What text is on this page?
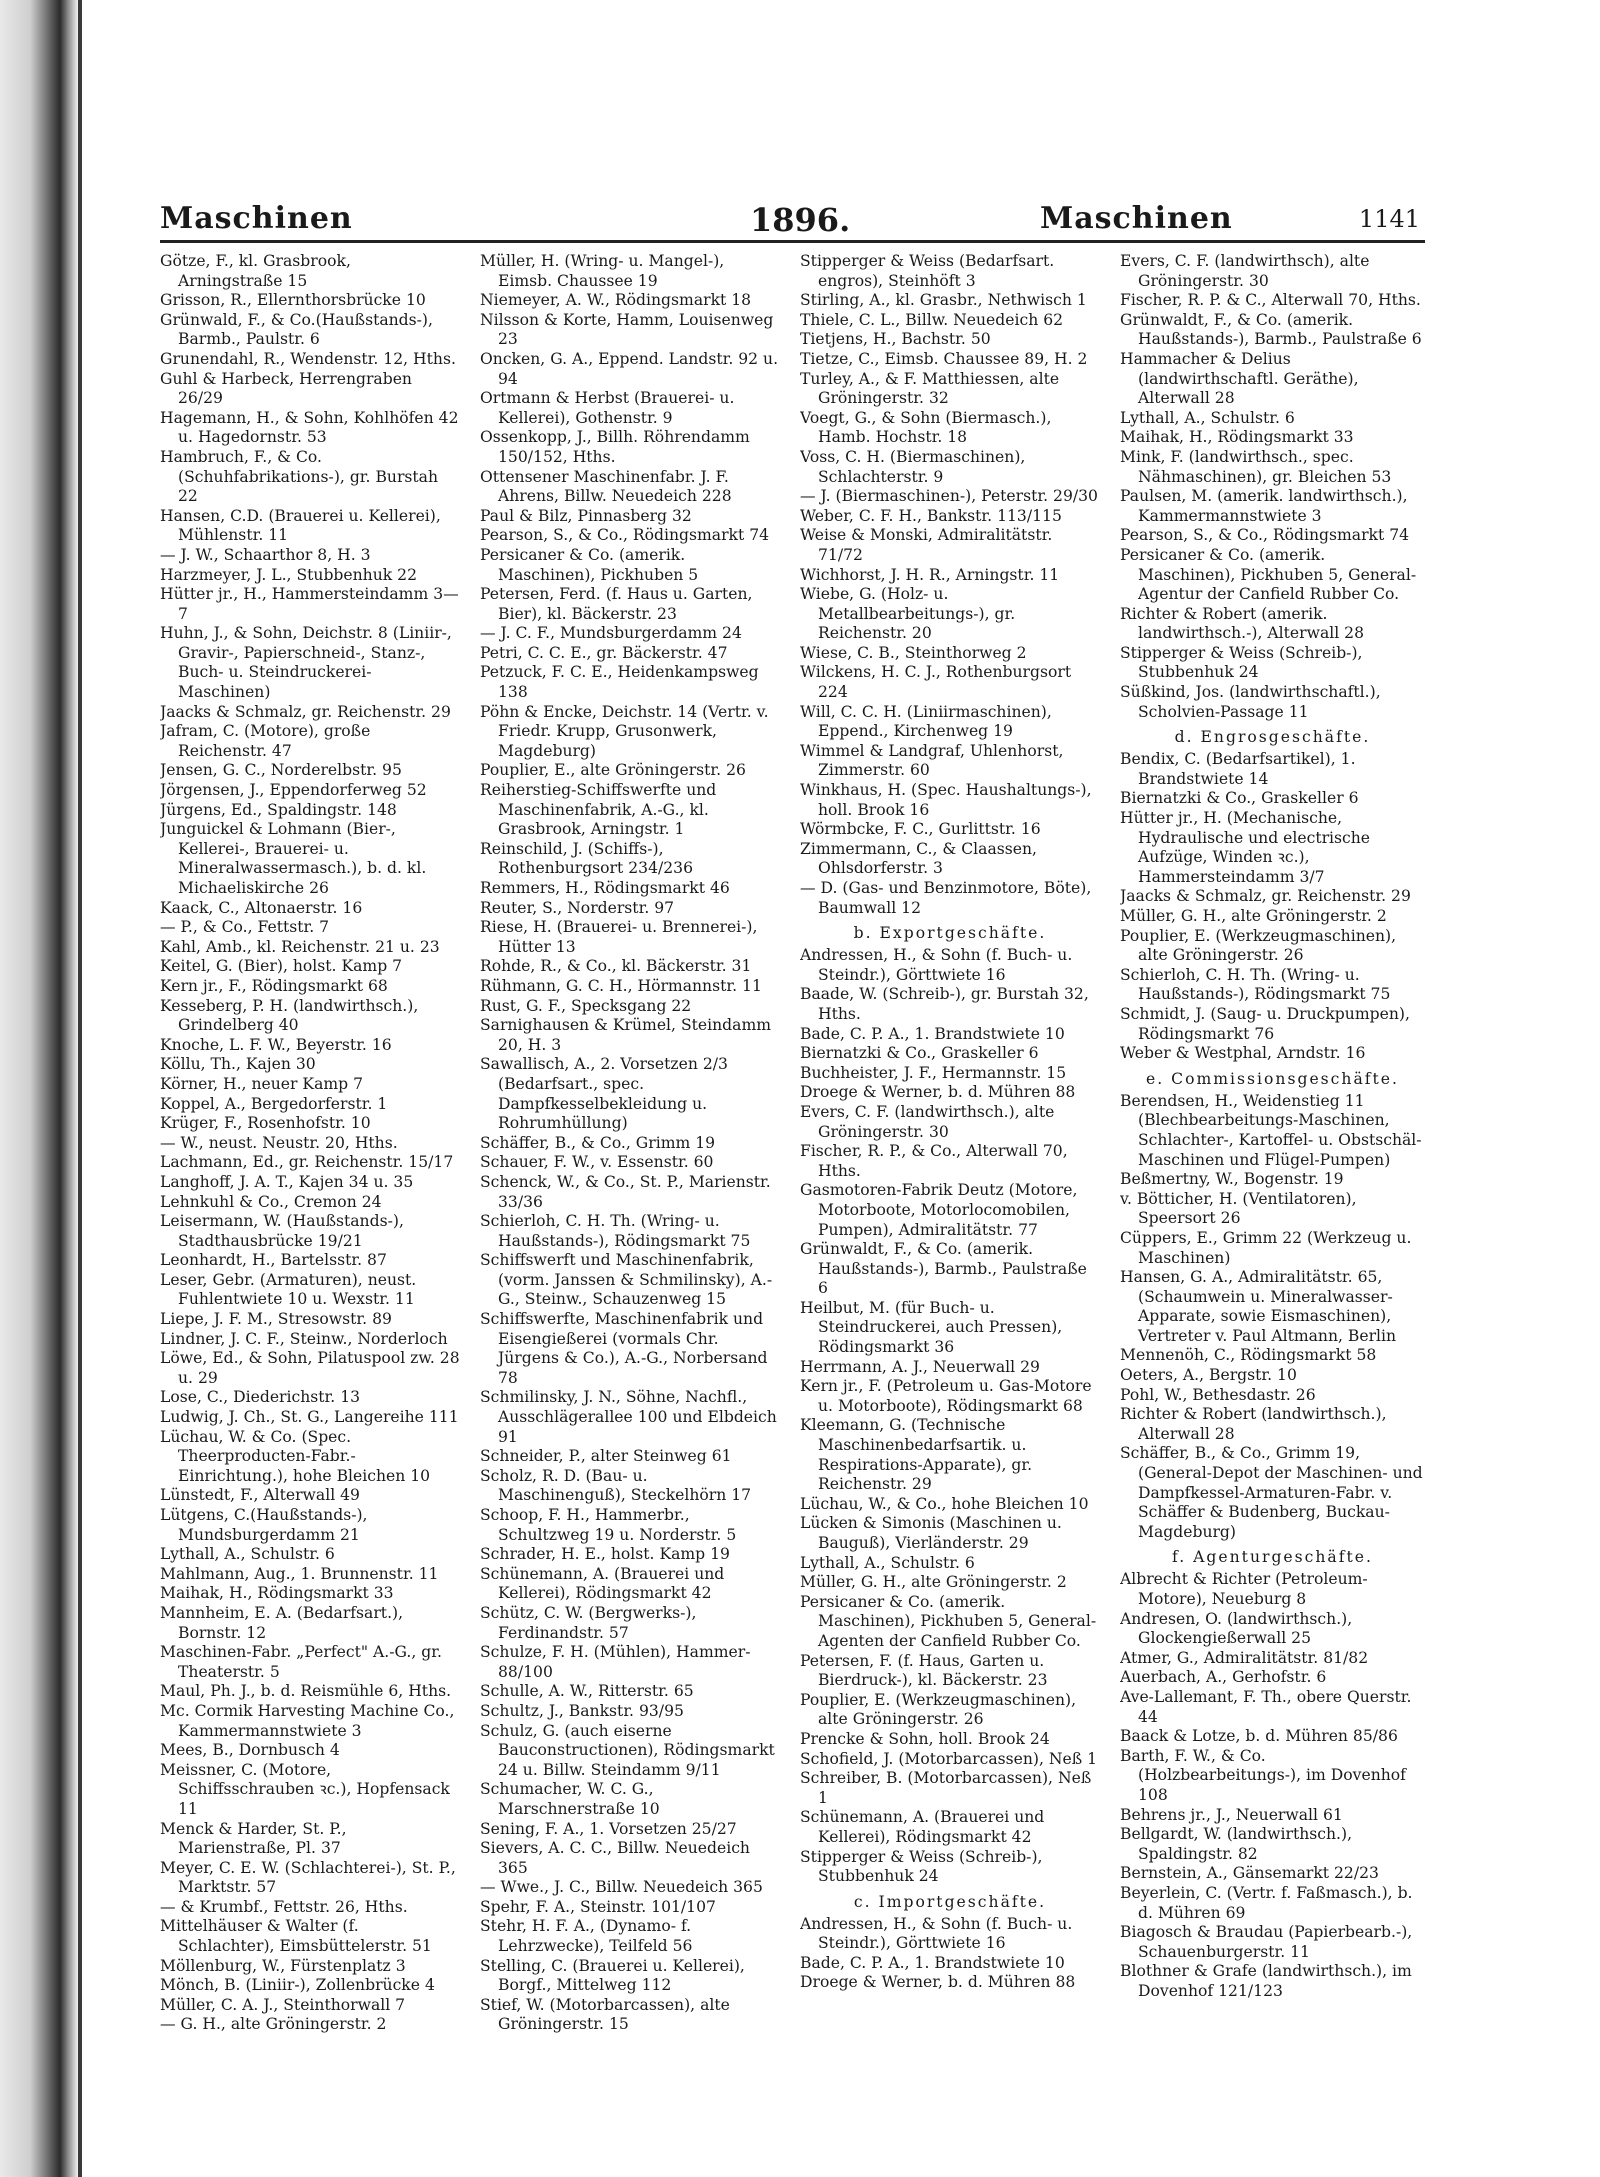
Maschinen	1896.	Maschinen	1141

Götze, F., kl. Grasbrook, Arningstraße 15

Grisson, R., Ellernthorsbrücke 10

Grünwald, F., & Co.(Haußstands-), Barmb., Paulstr. 6

Grunendahl, R., Wendenstr. 12, Hths.

Guhl & Harbeck, Herrengraben 26/29

Hagemann, H., & Sohn, Kohlhöfen 42 u. Hagedornstr. 53

Hambruch, F., & Co. (Schuhfabrikations-), gr. Burstah 22

Hansen, C.D. (Brauerei u. Kellerei), Mühlenstr. 11

— J. W., Schaarthor 8, H. 3

Harzmeyer, J. L., Stubbenhuk 22

Hütter jr., H., Hammersteindamm 3—7

Huhn, J., & Sohn, Deichstr. 8 (Liniir-, Gravir-, Papierschneid-, Stanz-, Buch- u. Steindruckerei-Maschinen)

Jaacks & Schmalz, gr. Reichenstr. 29

Jafram, C. (Motore), große Reichenstr. 47

Jensen, G. C., Norderelbstr. 95

Jörgensen, J., Eppendorferweg 52

Jürgens, Ed., Spaldingstr. 148

Junguickel & Lohmann (Bier-, Kellerei-, Brauerei- u. Mineralwassermasch.), b. d. kl. Michaeliskirche 26

Kaack, C., Altonaerstr. 16

— P., & Co., Fettstr. 7

Kahl, Amb., kl. Reichenstr. 21 u. 23

Keitel, G. (Bier), holst. Kamp 7

Kern jr., F., Rödingsmarkt 68

Kesseberg, P. H. (landwirthsch.), Grindelberg 40

Knoche, L. F. W., Beyerstr. 16

Köllu, Th., Kajen 30

Körner, H., neuer Kamp 7

Koppel, A., Bergedorferstr. 1

Krüger, F., Rosenhofstr. 10

— W., neust. Neustr. 20, Hths.

Lachmann, Ed., gr. Reichenstr. 15/17

Langhoff, J. A. T., Kajen 34 u. 35

Lehnkuhl & Co., Cremon 24

Leisermann, W. (Haußstands-), Stadthausbrücke 19/21

Leonhardt, H., Bartelsstr. 87

Leser, Gebr. (Armaturen), neust. Fuhlentwiete 10 u. Wexstr. 11

Liepe, J. F. M., Stresowstr. 89

Lindner, J. C. F., Steinw., Norderloch

Löwe, Ed., & Sohn, Pilatuspool zw. 28 u. 29

Lose, C., Diederichstr. 13

Ludwig, J. Ch., St. G., Langereihe 111

Lüchau, W. & Co. (Spec. Theerproducten-Fabr.-Einrichtung.), hohe Bleichen 10

Lünstedt, F., Alterwall 49

Lütgens, C.(Haußstands-), Mundsburgerdamm 21

Lythall, A., Schulstr. 6

Mahlmann, Aug., 1. Brunnenstr. 11

Maihak, H., Rödingsmarkt 33

Mannheim, E. A. (Bedarfsart.), Bornstr. 12

Maschinen-Fabr. „Perfect" A.-G., gr. Theaterstr. 5

Maul, Ph. J., b. d. Reismühle 6, Hths.

Mc. Cormik Harvesting Machine Co., Kammermannstwiete 3

Mees, B., Dornbusch 4

Meissner, C. (Motore, Schiffsschrauben ꝛc.), Hopfensack 11

Menck & Harder, St. P., Marienstraße, Pl. 37

Meyer, C. E. W. (Schlachterei-), St. P., Marktstr. 57

— & Krumbf., Fettstr. 26, Hths.

Mittelhäuser & Walter (f. Schlachter), Eimsbüttelerstr. 51

Möllenburg, W., Fürstenplatz 3

Mönch, B. (Liniir-), Zollenbrücke 4

Müller, C. A. J., Steinthorwall 7

— G. H., alte Gröningerstr. 2

Müller, H. (Wring- u. Mangel-), Eimsb. Chaussee 19

Niemeyer, A. W., Rödingsmarkt 18

Nilsson & Korte, Hamm, Louisenweg 23

Oncken, G. A., Eppend. Landstr. 92 u. 94

Ortmann & Herbst (Brauerei- u. Kellerei), Gothenstr. 9

Ossenkopp, J., Billh. Röhrendamm 150/152, Hths.

Ottensener Maschinenfabr. J. F. Ahrens, Billw. Neuedeich 228

Paul & Bilz, Pinnasberg 32

Pearson, S., & Co., Rödingsmarkt 74

Persicaner & Co. (amerik. Maschinen), Pickhuben 5

Petersen, Ferd. (f. Haus u. Garten, Bier), kl. Bäckerstr. 23

— J. C. F., Mundsburgerdamm 24

Petri, C. C. E., gr. Bäckerstr. 47

Petzuck, F. C. E., Heidenkampsweg 138

Pöhn & Encke, Deichstr. 14 (Vertr. v. Friedr. Krupp, Grusonwerk, Magdeburg)

Pouplier, E., alte Gröningerstr. 26

Reiherstieg-Schiffswerfte und Maschinenfabrik, A.-G., kl. Grasbrook, Arningstr. 1

Reinschild, J. (Schiffs-), Rothenburgsort 234/236

Remmers, H., Rödingsmarkt 46

Reuter, S., Norderstr. 97

Riese, H. (Brauerei- u. Brennerei-), Hütter 13

Rohde, R., & Co., kl. Bäckerstr. 31

Rühmann, G. C. H., Hörmannstr. 11

Rust, G. F., Specksgang 22

Sarnighausen & Krümel, Steindamm 20, H. 3

Sawallisch, A., 2. Vorsetzen 2/3 (Bedarfsart., spec. Dampfkesselbekleidung u. Rohrumhüllung)

Schäffer, B., & Co., Grimm 19

Schauer, F. W., v. Essenstr. 60

Schenck, W., & Co., St. P., Marienstr. 33/36

Schierloh, C. H. Th. (Wring- u. Haußstands-), Rödingsmarkt 75

Schiffswerft und Maschinenfabrik, (vorm. Janssen & Schmilinsky), A.-G., Steinw., Schauzenweg 15

Schiffswerfte, Maschinenfabrik und Eisengießerei (vormals Chr. Jürgens & Co.), A.-G., Norbersand 78

Schmilinsky, J. N., Söhne, Nachfl., Ausschlägerallee 100 und Elbdeich 91

Schneider, P., alter Steinweg 61

Scholz, R. D. (Bau- u. Maschinenguß), Steckelhörn 17

Schoop, F. H., Hammerbr., Schultzweg 19 u. Norderstr. 5

Schrader, H. E., holst. Kamp 19

Schünemann, A. (Brauerei und Kellerei), Rödingsmarkt 42

Schütz, C. W. (Bergwerks-), Ferdinandstr. 57

Schulze, F. H. (Mühlen), Hammer-88/100

Schulle, A. W., Ritterstr. 65

Schultz, J., Bankstr. 93/95

Schulz, G. (auch eiserne Bauconstructionen), Rödingsmarkt 24 u. Billw. Steindamm 9/11

Schumacher, W. C. G., Marschnerstraße 10

Sening, F. A., 1. Vorsetzen 25/27

Sievers, A. C. C., Billw. Neuedeich 365

— Wwe., J. C., Billw. Neuedeich 365

Spehr, F. A., Steinstr. 101/107

Stehr, H. F. A., (Dynamo- f. Lehrzwecke), Teilfeld 56

Stelling, C. (Brauerei u. Kellerei), Borgf., Mittelweg 112

Stief, W. (Motorbarcassen), alte Gröningerstr. 15

Stipperger & Weiss (Bedarfsart. engros), Steinhöft 3

Stirling, A., kl. Grasbr., Nethwisch 1

Thiele, C. L., Billw. Neuedeich 62

Tietjens, H., Bachstr. 50

Tietze, C., Eimsb. Chaussee 89, H. 2

Turley, A., & F. Matthiessen, alte Gröningerstr. 32

Voegt, G., & Sohn (Biermasch.), Hamb. Hochstr. 18

Voss, C. H. (Biermaschinen), Schlachterstr. 9

— J. (Biermaschinen-), Peterstr. 29/30

Weber, C. F. H., Bankstr. 113/115

Weise & Monski, Admiralitätstr. 71/72

Wichhorst, J. H. R., Arningstr. 11

Wiebe, G. (Holz- u. Metallbearbeitungs-), gr. Reichenstr. 20

Wiese, C. B., Steinthorweg 2

Wilckens, H. C. J., Rothenburgsort 224

Will, C. C. H. (Liniirmaschinen), Eppend., Kirchenweg 19

Wimmel & Landgraf, Uhlenhorst, Zimmerstr. 60

Winkhaus, H. (Spec. Haushaltungs-), holl. Brook 16

Wörmbcke, F. C., Gurlittstr. 16

Zimmermann, C., & Claassen, Ohlsdorferstr. 3

— D. (Gas- und Benzinmotore, Böte), Baumwall 12

b. Exportgeschäfte.

Andressen, H., & Sohn (f. Buch- u. Steindr.), Görttwiete 16

Baade, W. (Schreib-), gr. Burstah 32, Hths.

Bade, C. P. A., 1. Brandstwiete 10

Biernatzki & Co., Graskeller 6

Buchheister, J. F., Hermannstr. 15

Droege & Werner, b. d. Mühren 88

Evers, C. F. (landwirthsch.), alte Gröningerstr. 30

Fischer, R. P., & Co., Alterwall 70, Hths.

Gasmotoren-Fabrik Deutz (Motore, Motorboote, Motorlocomobilen, Pumpen), Admiralitätstr. 77

Grünwaldt, F., & Co. (amerik. Haußstands-), Barmb., Paulstraße 6

Heilbut, M. (für Buch- u. Steindruckerei, auch Pressen), Rödingsmarkt 36

Herrmann, A. J., Neuerwall 29

Kern jr., F. (Petroleum u. Gas-Motore u. Motorboote), Rödingsmarkt 68

Kleemann, G. (Technische Maschinenbedarfsartik. u. Respirations-Apparate), gr. Reichenstr. 29

Lüchau, W., & Co., hohe Bleichen 10

Lücken & Simonis (Maschinen u. Bauguß), Vierländerstr. 29

Lythall, A., Schulstr. 6

Müller, G. H., alte Gröningerstr. 2

Persicaner & Co. (amerik. Maschinen), Pickhuben 5, General-Agenten der Canfield Rubber Co.

Petersen, F. (f. Haus, Garten u. Bierdruck-), kl. Bäckerstr. 23

Pouplier, E. (Werkzeugmaschinen), alte Gröningerstr. 26

Prencke & Sohn, holl. Brook 24

Schofield, J. (Motorbarcassen), Neß 1

Schreiber, B. (Motorbarcassen), Neß 1

Schünemann, A. (Brauerei und Kellerei), Rödingsmarkt 42

Stipperger & Weiss (Schreib-), Stubbenhuk 24

c. Importgeschäfte.

Andressen, H., & Sohn (f. Buch- u. Steindr.), Görttwiete 16

Bade, C. P. A., 1. Brandstwiete 10

Droege & Werner, b. d. Mühren 88

Evers, C. F. (landwirthsch), alte Gröningerstr. 30

Fischer, R. P. & C., Alterwall 70, Hths.

Grünwaldt, F., & Co. (amerik. Haußstands-), Barmb., Paulstraße 6

Hammacher & Delius (landwirthschaftl. Geräthe), Alterwall 28

Lythall, A., Schulstr. 6

Maihak, H., Rödingsmarkt 33

Mink, F. (landwirthsch., spec. Nähmaschinen), gr. Bleichen 53

Paulsen, M. (amerik. landwirthsch.), Kammermannstwiete 3

Pearson, S., & Co., Rödingsmarkt 74

Persicaner & Co. (amerik. Maschinen), Pickhuben 5, General-Agentur der Canfield Rubber Co.

Richter & Robert (amerik. landwirthsch.-), Alterwall 28

Stipperger & Weiss (Schreib-), Stubbenhuk 24

Süßkind, Jos. (landwirthschaftl.), Scholvien-Passage 11

d. Engrosgeschäfte.

Bendix, C. (Bedarfsartikel), 1. Brandstwiete 14

Biernatzki & Co., Graskeller 6

Hütter jr., H. (Mechanische, Hydraulische und electrische Aufzüge, Winden ꝛc.), Hammersteindamm 3/7

Jaacks & Schmalz, gr. Reichenstr. 29

Müller, G. H., alte Gröningerstr. 2

Pouplier, E. (Werkzeugmaschinen), alte Gröningerstr. 26

Schierloh, C. H. Th. (Wring- u. Haußstands-), Rödingsmarkt 75

Schmidt, J. (Saug- u. Druckpumpen), Rödingsmarkt 76

Weber & Westphal, Arndstr. 16

e. Commissionsgeschäfte.

Berendsen, H., Weidenstieg 11 (Blechbearbeitungs-Maschinen, Schlachter-, Kartoffel- u. Obstschäl-Maschinen und Flügel-Pumpen)

Beßmertny, W., Bogenstr. 19

v. Bötticher, H. (Ventilatoren), Speersort 26

Cüppers, E., Grimm 22 (Werkzeug u. Maschinen)

Hansen, G. A., Admiralitätstr. 65, (Schaumwein u. Mineralwasser-Apparate, sowie Eismaschinen), Vertreter v. Paul Altmann, Berlin

Mennenöh, C., Rödingsmarkt 58

Oeters, A., Bergstr. 10

Pohl, W., Bethesdastr. 26

Richter & Robert (landwirthsch.), Alterwall 28

Schäffer, B., & Co., Grimm 19, (General-Depot der Maschinen- und Dampfkessel-Armaturen-Fabr. v. Schäffer & Budenberg, Buckau-Magdeburg)

f. Agenturgeschäfte.

Albrecht & Richter (Petroleum-Motore), Neueburg 8

Andresen, O. (landwirthsch.), Glockengießerwall 25

Atmer, G., Admiralitätstr. 81/82

Auerbach, A., Gerhofstr. 6

Ave-Lallemant, F. Th., obere Querstr. 44

Baack & Lotze, b. d. Mühren 85/86

Barth, F. W., & Co. (Holzbearbeitungs-), im Dovenhof 108

Behrens jr., J., Neuerwall 61

Bellgardt, W. (landwirthsch.), Spaldingstr. 82

Bernstein, A., Gänsemarkt 22/23

Beyerlein, C. (Vertr. f. Faßmasch.), b. d. Mühren 69

Biagosch & Braudau (Papierbearb.-), Schauenburgerstr. 11

Blothner & Grafe (landwirthsch.), im Dovenhof 121/123
